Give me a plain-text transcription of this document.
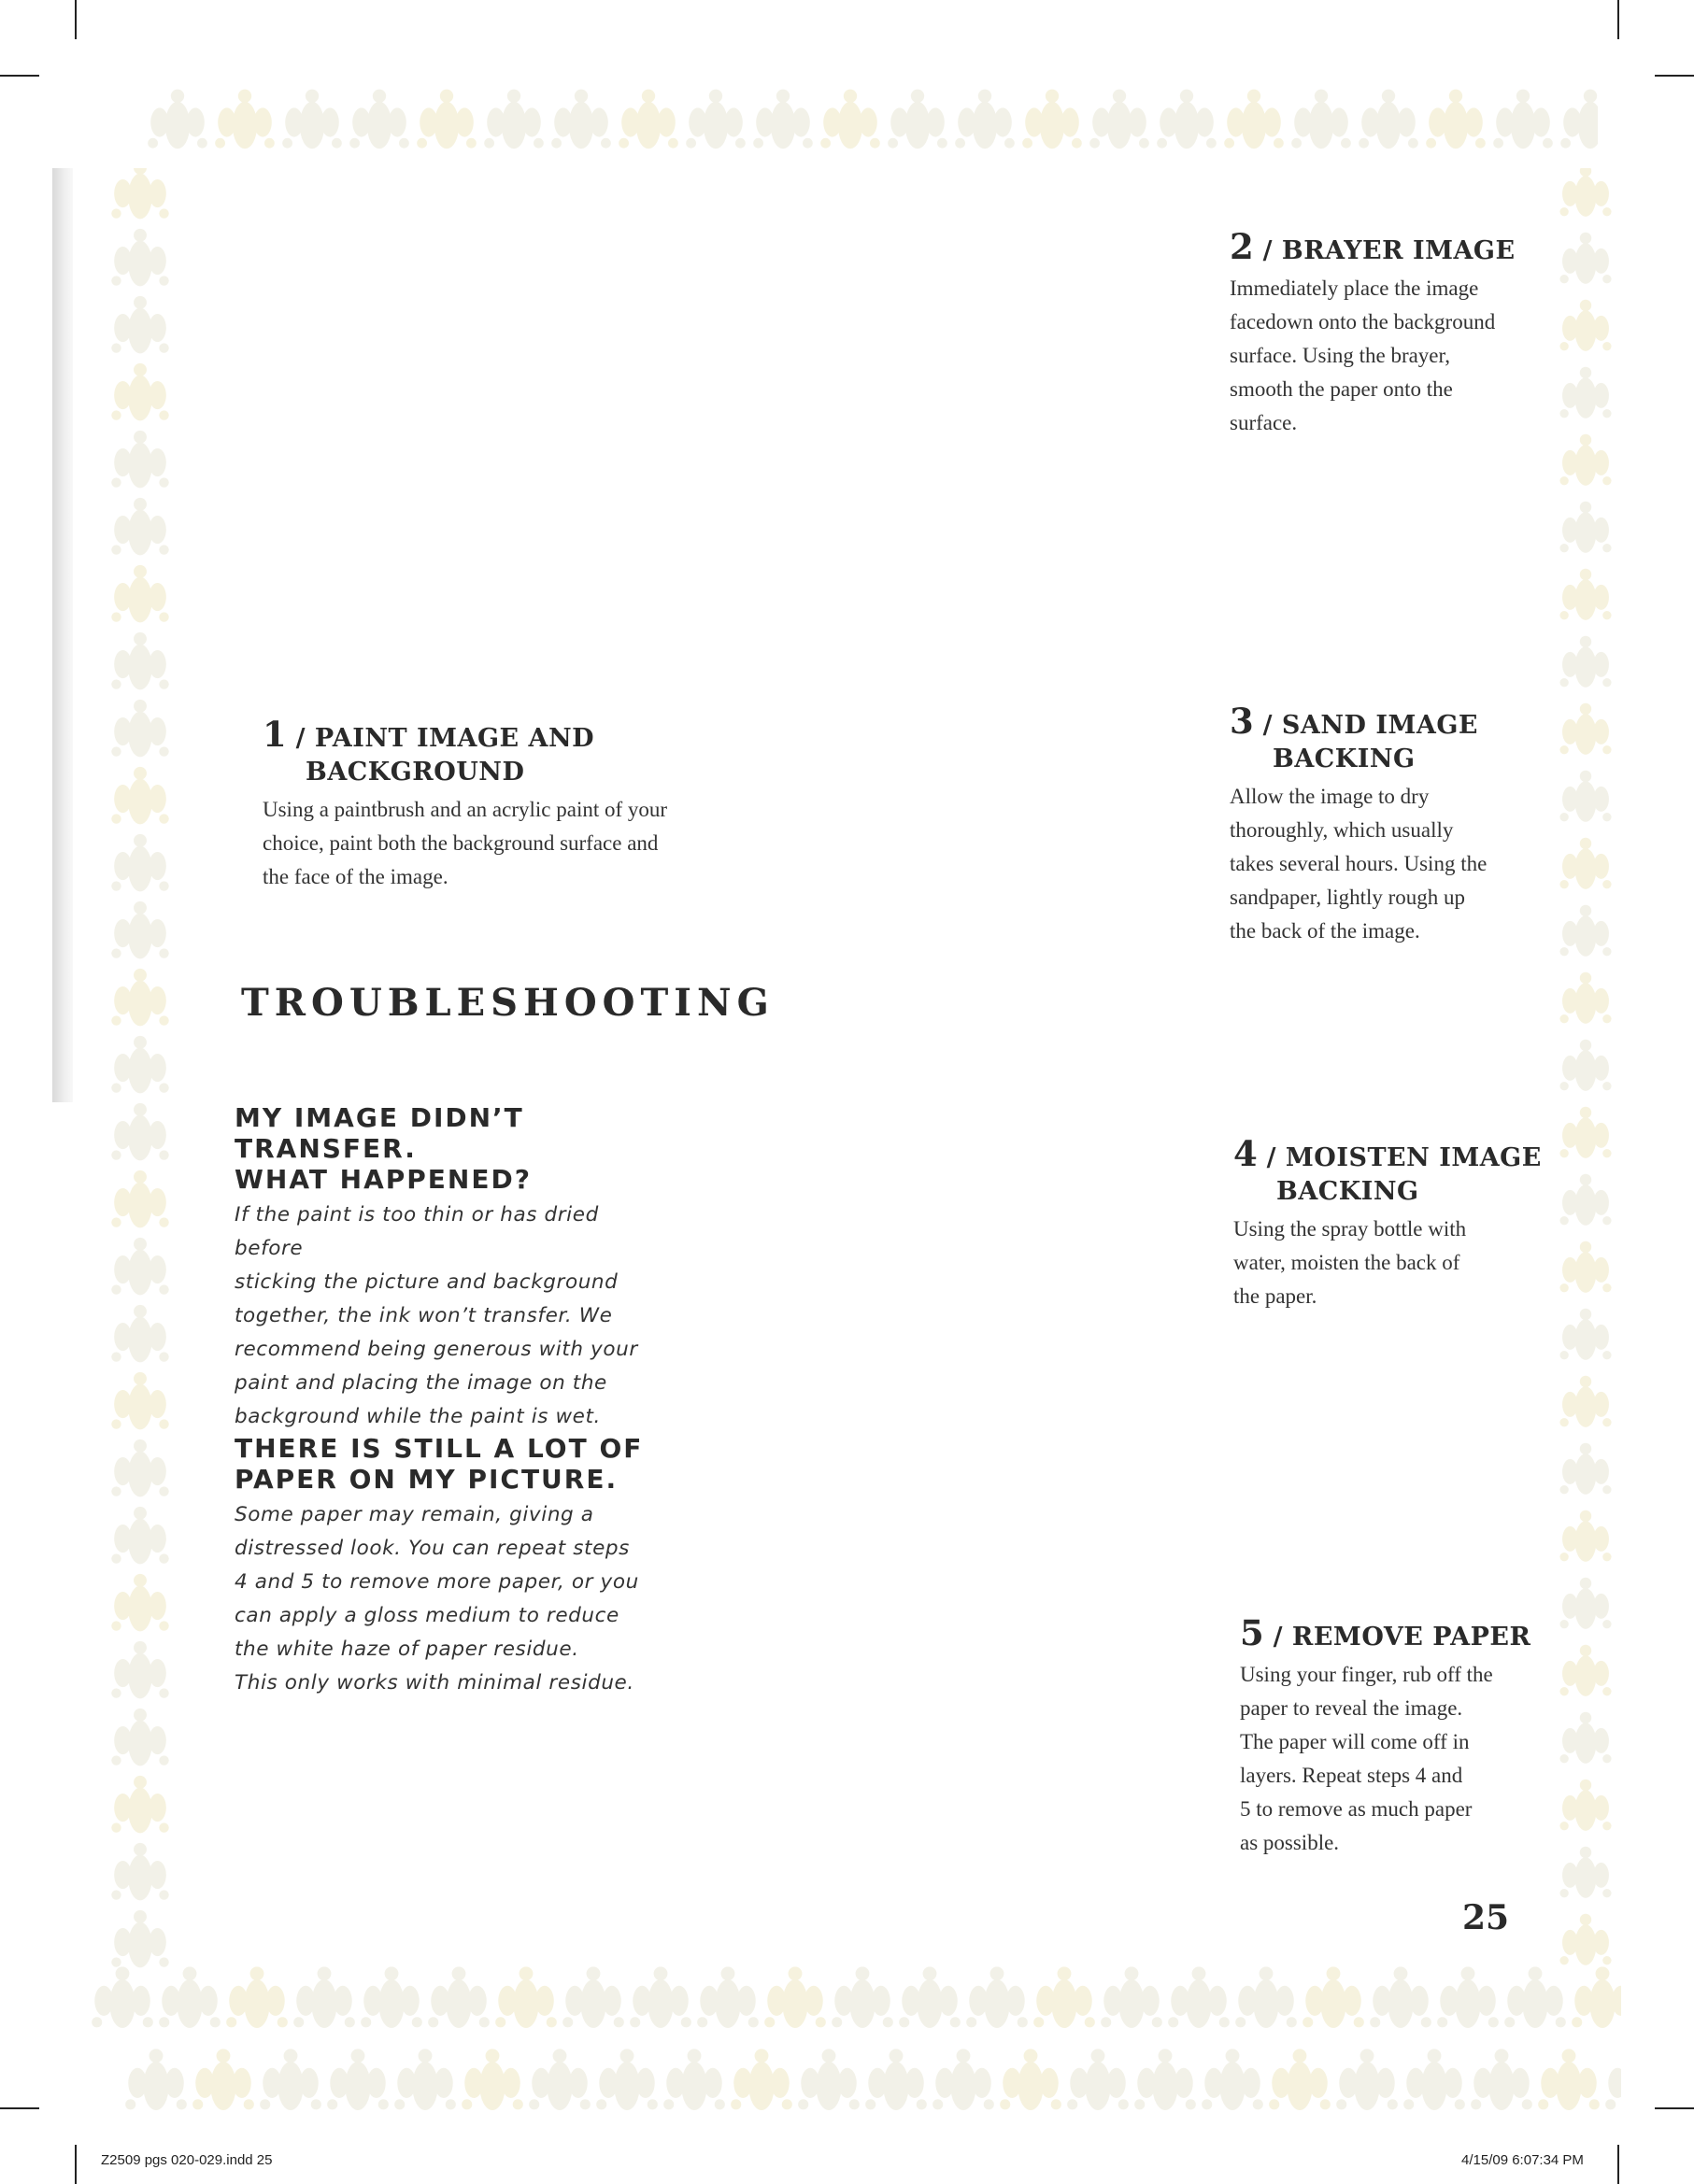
2 / BRAYER IMAGE
Immediately place the image
facedown onto the background
surface. Using the brayer,
smooth the paper onto the
surface.
1 / PAINT IMAGE AND
BACKGROUND
Using a paintbrush and an acrylic paint of your
choice, paint both the background surface and
the face of the image.
3 / SAND IMAGE
BACKING
Allow the image to dry
thoroughly, which usually
takes several hours. Using the
sandpaper, lightly rough up
the back of the image.
4 / MOISTEN IMAGE
BACKING
Using the spray bottle with
water, moisten the back of
the paper.
5 / REMOVE PAPER
Using your finger, rub off the
paper to reveal the image.
The paper will come off in
layers. Repeat steps 4 and
5 to remove as much paper
as possible.
TROUBLESHOOTING
MY IMAGE DIDN’T
TRANSFER.
WHAT HAPPENED?
If the paint is too thin or has dried before
sticking the picture and background
together, the ink won’t transfer. We
recommend being generous with your
paint and placing the image on the
background while the paint is wet.
THERE IS STILL A LOT OF
PAPER ON MY PICTURE.
Some paper may remain, giving a
distressed look. You can repeat steps
4 and 5 to remove more paper, or you
can apply a gloss medium to reduce
the white haze of paper residue.
This only works with minimal residue.
25
Z2509 pgs 020-029.indd 25	4/15/09 6:07:34 PM
